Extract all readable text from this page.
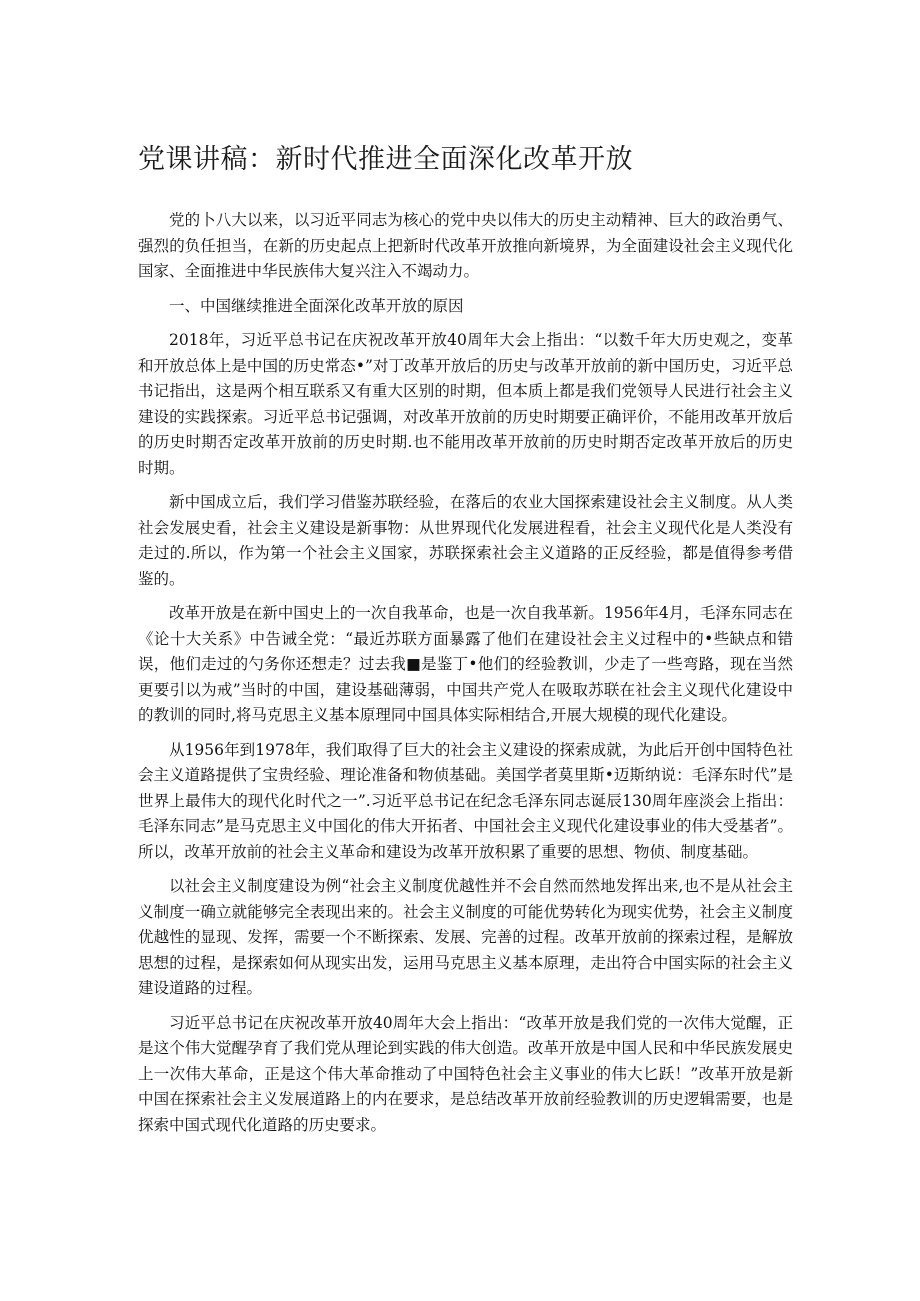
党课讲稿：新时代推进全面深化改革开放

党的卜八大以来，以习近平同志为核心的党中央以伟大的历史主动精神、巨大的政治勇气、强烈的负任担当，在新的历史起点上把新时代改革开放推向新境界，为全面建设社会主义现代化国家、全面推进中华民族伟大复兴注入不竭动力。

一、中国继续推进全面深化改革开放的原因

2018年，习近平总书记在庆祝改革开放40周年大会上指出：“以数千年大历史观之，变革和开放总体上是中国的历史常态•”对丁改革开放后的历史与改革开放前的新中国历史，习近平总书记指出，这是两个相互联系又有重大区别的时期，但本质上都是我们党领导人民进行社会主义建设的实践探索。习近平总书记强调，对改革开放前的历史时期要正确评价，不能用改革开放后的历史时期否定改革开放前的历史时期.也不能用改革开放前的历史时期否定改革开放后的历史时期。

新中国成立后，我们学习借鉴苏联经验，在落后的农业大国探索建设社会主义制度。从人类社会发展史看，社会主义建设是新事物：从世界现代化发展进程看，社会主义现代化是人类没有走过的.所以，作为第一个社会主义国家，苏联探索社会主义道路的正反经验，都是值得参考借鉴的。

改革开放是在新中国史上的一次自我革命，也是一次自我革新。1956年4月，毛泽东同志在《论十大关系》中告诫全党：“最近苏联方面暴露了他们在建设社会主义过程中的•些缺点和错误，他们走过的勺务你还想走？过去我■是鉴丁•他们的经验教训，少走了一些弯路，现在当然更要引以为戒”当时的中国，建设基础薄弱，中国共产党人在吸取苏联在社会主义现代化建设中的教训的同时,将马克思主义基本原理同中国具体实际相结合,开展大规模的现代化建设。

从1956年到1978年，我们取得了巨大的社会主义建设的探索成就，为此后开创中国特色社会主义道路提供了宝贵经验、理论准备和物侦基础。美国学者莫里斯•迈斯纳说：毛泽东时代”是世界上最伟大的现代化时代之一”.习近平总书记在纪念毛泽东同志诞辰130周年座淡会上指出：毛泽东同志”是马克思主义中国化的伟大开拓者、中国社会主义现代化建设事业的伟大受基者”。所以，改革开放前的社会主义革命和建设为改革开放积累了重要的思想、物侦、制度基础。

以社会主义制度建设为例“社会主义制度优越性并不会自然而然地发挥出来,也不是从社会主义制度一确立就能够完全表现出来的。社会主义制度的可能优势转化为现实优势，社会主义制度优越性的显现、发挥，需要一个不断探索、发展、完善的过程。改革开放前的探索过程，是解放思想的过程，是探索如何从现实出发，运用马克思主义基本原理，走出符合中国实际的社会主义建设道路的过程。

习近平总书记在庆祝改革开放40周年大会上指出：“改革开放是我们党的一次伟大觉醒，正是这个伟大觉醒孕育了我们党从理论到实践的伟大创造。改革开放是中国人民和中华民族发展史上一次伟大革命，正是这个伟大革命推动了中国特色社会主义事业的伟大匕跃！”改革开放是新中国在探索社会主义发展道路上的内在要求，是总结改革开放前经验教训的历史逻辑需要，也是探索中国式现代化道路的历史要求。
